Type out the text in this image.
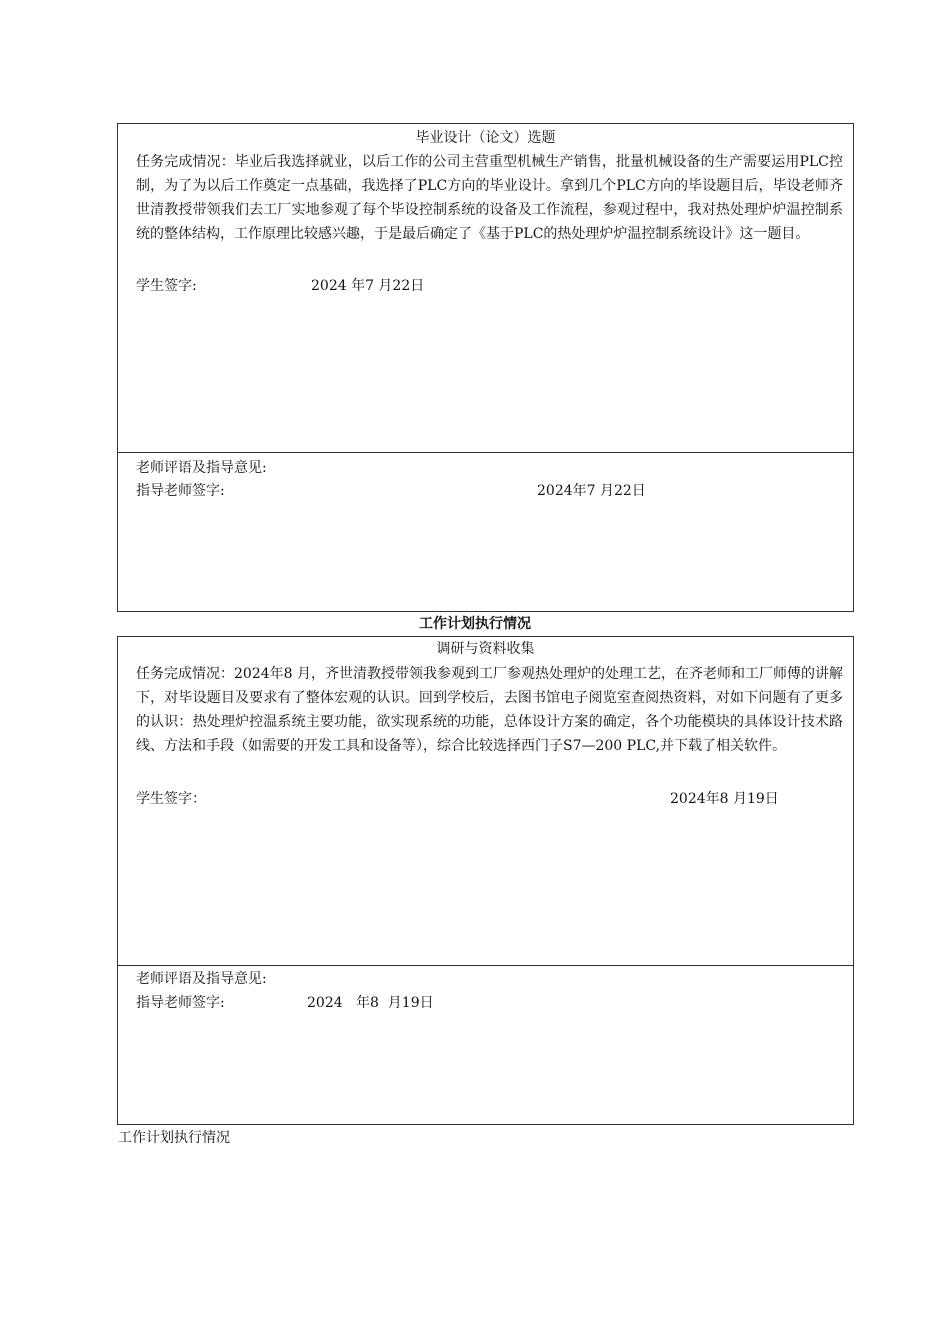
毕业设计（论文）选题
任务完成情况：毕业后我选择就业，以后工作的公司主营重型机械生产销售，批量机械设备的生产需要运用PLC控制，为了为以后工作奠定一点基础，我选择了PLC方向的毕业设计。拿到几个PLC方向的毕设题目后，毕设老师齐世清教授带领我们去工厂实地参观了每个毕设控制系统的设备及工作流程，参观过程中，我对热处理炉炉温控制系统的整体结构，工作原理比较感兴趣，于是最后确定了《基于PLC的热处理炉炉温控制系统设计》这一题目。
学生签字:	2024 年7 月22日
老师评语及指导意见:
指导老师签字:	2024年7 月22日
工作计划执行情况
调研与资料收集
任务完成情况：2024年8 月，齐世清教授带领我参观到工厂参观热处理炉的处理工艺，在齐老师和工厂师傅的讲解下，对毕设题目及要求有了整体宏观的认识。回到学校后，去图书馆电子阅览室查阅热资料，对如下问题有了更多的认识：热处理炉控温系统主要功能，欲实现系统的功能，总体设计方案的确定，各个功能模块的具体设计技术路线、方法和手段（如需要的开发工具和设备等），综合比较选择西门子S7—200 PLC,并下载了相关软件。
学生签字：	2024年8 月19日
老师评语及指导意见:
指导老师签字:	2024   年8  月19日
工作计划执行情况
